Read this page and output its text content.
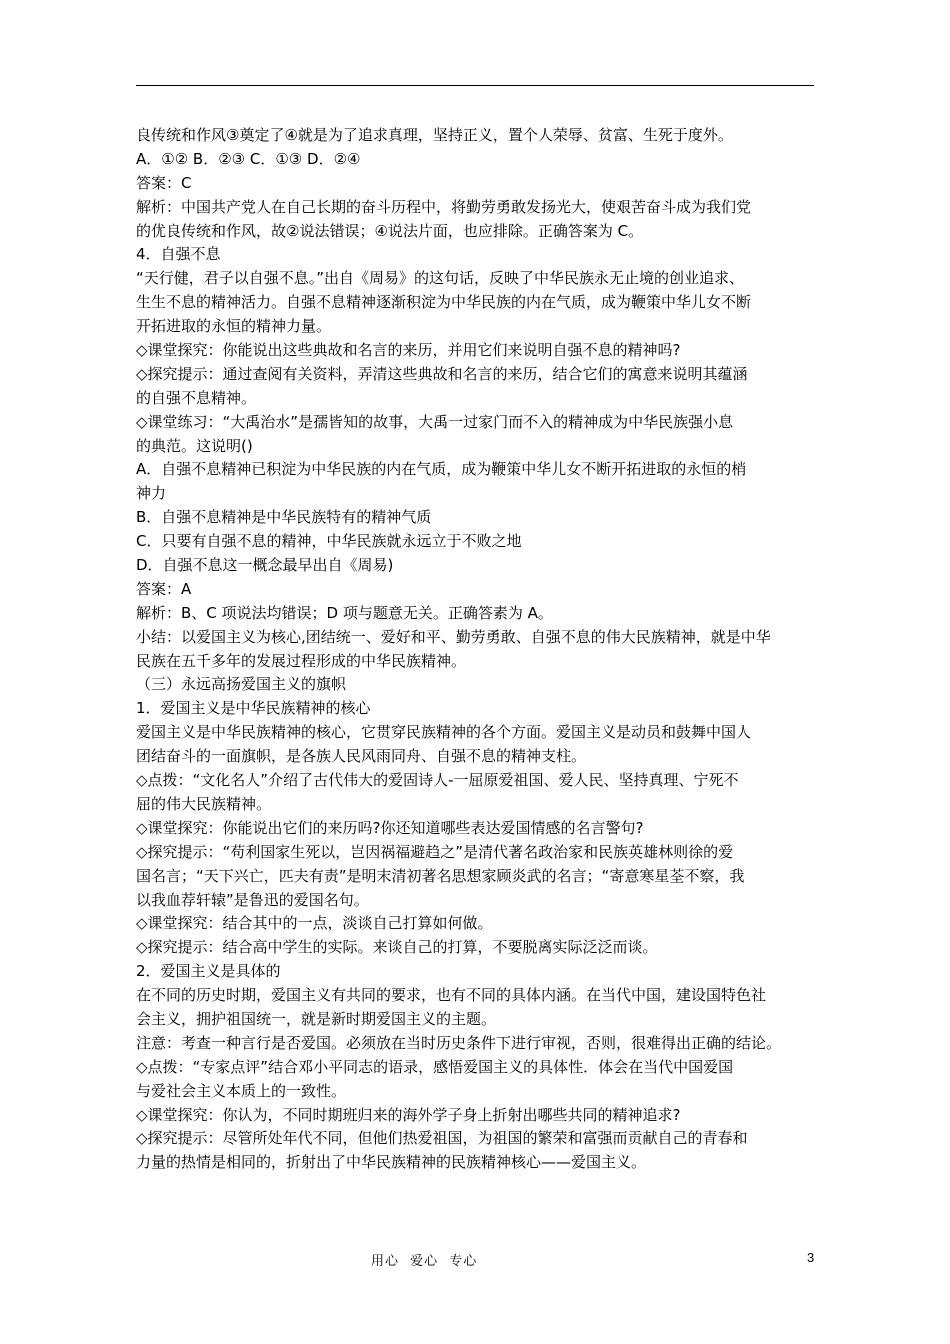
良传统和作风③奠定了④就是为了追求真理，坚持正义，置个人荣辱、贫富、生死于度外。
A．①② B．②③ C．①③ D．②④
答案：C
解析：中国共产党人在自己长期的奋斗历程中，将勤劳勇敢发扬光大，使艰苦奋斗成为我们党
的优良传统和作风，故②说法错误；④说法片面，也应排除。正确答案为 C。
4．自强不息
“天行健，君子以自强不息。”出自《周易》的这句话，反映了中华民族永无止境的创业追求、
生生不息的精神活力。自强不息精神逐渐积淀为中华民族的内在气质，成为鞭策中华儿女不断
开拓进取的永恒的精神力量。
◇课堂探究：你能说出这些典故和名言的来历，并用它们来说明自强不息的精神吗?
◇探究提示：通过查阅有关资料，弄清这些典故和名言的来历，结合它们的寓意来说明其蕴涵
的自强不息精神。
◇课堂练习：“大禹治水”是孺皆知的故事，大禹一过家门而不入的精神成为中华民族强小息
的典范。这说明()
A．自强不息精神已积淀为中华民族的内在气质，成为鞭策中华儿女不断开拓进取的永恒的梢
神力
B．自强不息精神是中华民族特有的精神气质
C．只要有自强不息的精神，中华民族就永远立于不败之地
D．自强不息这一概念最早出自《周易)
答案：A
解析：B、C 项说法均错误；D 项与题意无关。正确答素为 A。
小结：以爱国主义为核心,团结统一、爱好和平、勤劳勇敢、自强不息的伟大民族精神，就是中华
民族在五千多年的发展过程形成的中华民族精神。
（三）永远高扬爱国主义的旗帜
1．爱国主义是中华民族精神的核心
爱国主义是中华民族精神的核心，它贯穿民族精神的各个方面。爱国主义是动员和鼓舞中国人
团结奋斗的一面旗帜，是各族人民风雨同舟、自强不息的精神支柱。
◇点拨：“文化名人”介绍了古代伟大的爱固诗人-一屈原爱祖国、爱人民、坚持真理、宁死不
屈的伟大民族精神。
◇课堂探究：你能说出它们的来历吗?你还知道哪些表达爱国情感的名言警句?
◇探究提示：“苟利国家生死以，岂因祸福避趋之”是清代著名政治家和民族英雄林则徐的爱
国名言；“天下兴亡，匹夫有责”是明末清初著名思想家顾炎武的名言；“寄意寒星荃不察，我
以我血荐轩辕”是鲁迅的爱国名句。
◇课堂探究：结合其中的一点，淡谈自己打算如何做。
◇探究提示：结合高中学生的实际。来谈自己的打算，不要脱离实际泛泛而谈。
2．爱国主义是具体的
在不同的历史时期，爱国主义有共同的要求，也有不同的具体内涵。在当代中国，建设国特色社
会主义，拥护祖国统一，就是新时期爱国主义的主题。
注意：考查一种言行是否爱国。必须放在当时历史条件下进行审视，否则，很难得出正确的结论。
◇点拨：“专家点评”结合邓小平同志的语录，感悟爱国主义的具体性．体会在当代中国爱国
与爱社会主义本质上的一致性。
◇课堂探究：你认为，不同时期班归来的海外学子身上折射出哪些共同的精神追求?
◇探究提示：尽管所处年代不同，但他们热爱祖国，为祖国的繁荣和富强而贡献自己的青春和
力量的热情是相同的，折射出了中华民族精神的民族精神核心——爱国主义。
用心 爱心 专心	3
